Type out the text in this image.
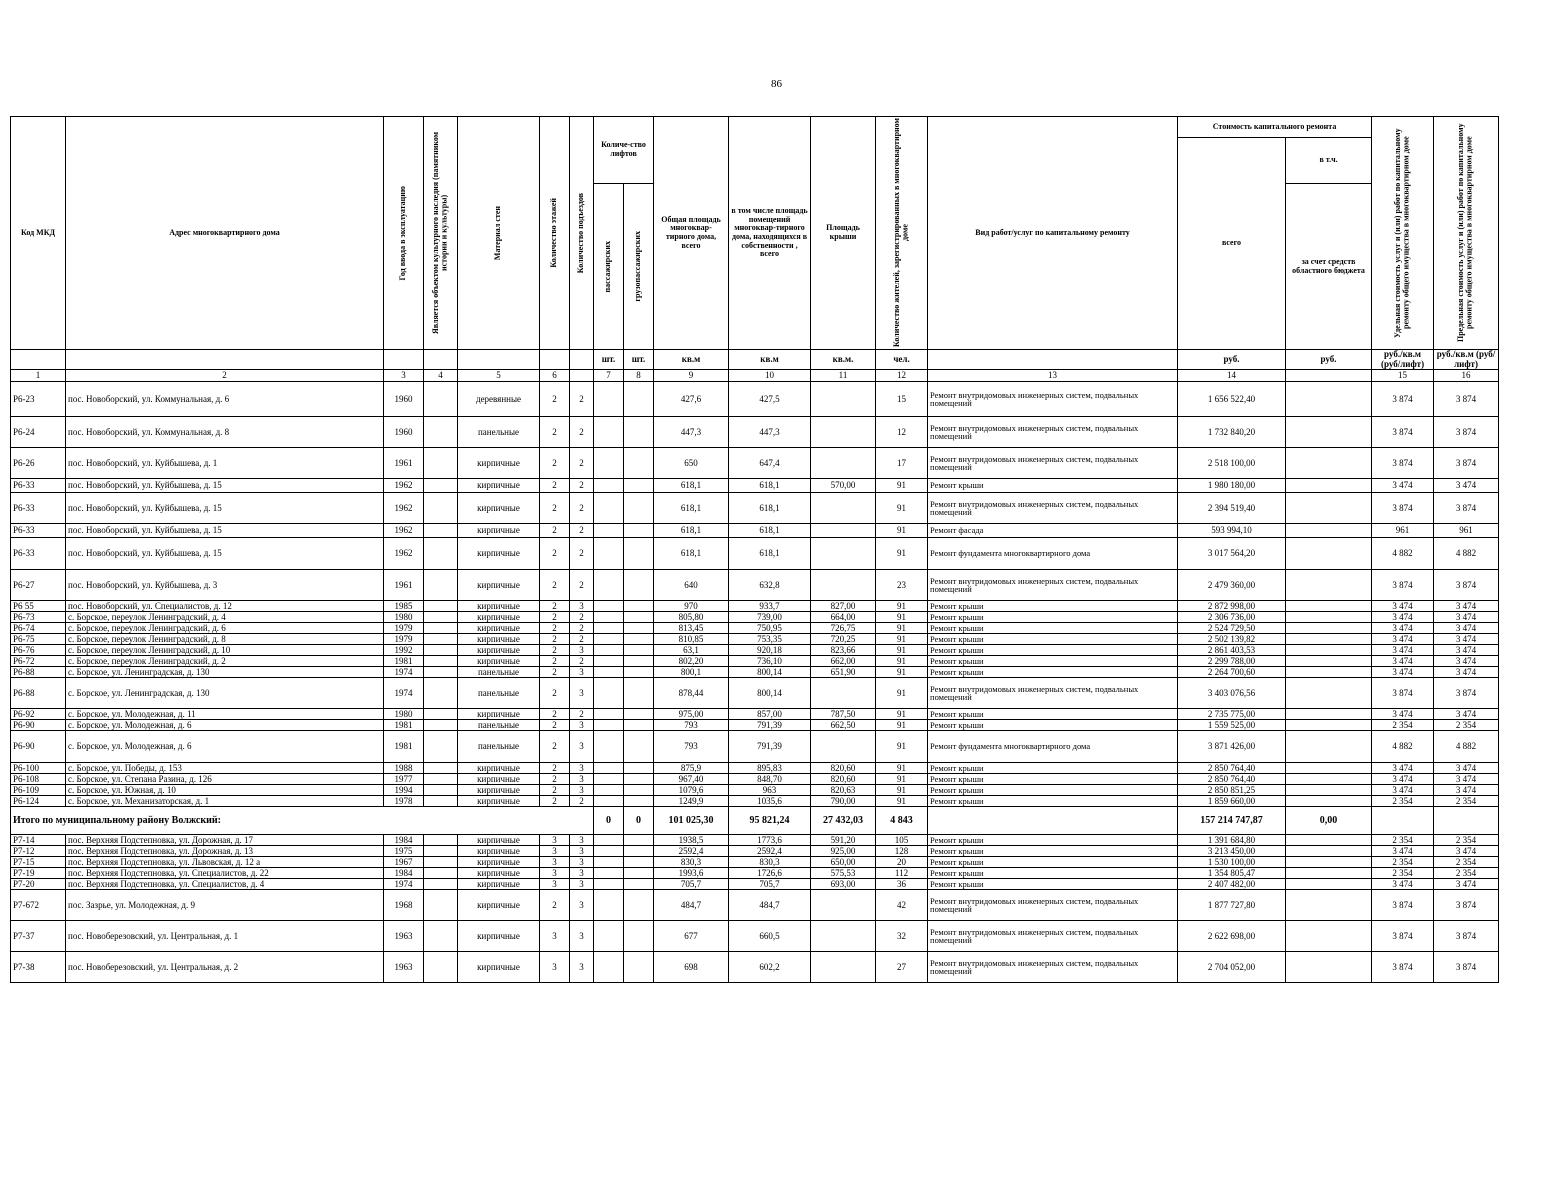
86
Код МКД	Адрес многоквартирного дома	Год ввода в эксплуатацию	Является объектом культурного наследия (памятником истории и культуры)	Материал стен	Количество этажей	Количество подъездов	Количе-ство лифтов		Общая площадь многоквар-тирного дома, всего	в том числе площадь помещений многоквар-тирного дома, находящихся в собственности , всего	Площадь крыши	Количество жителей, зарегистрированных в многоквартирном доме	Вид работ/услуг по капитальному ремонту	Стоимость капитального ремонта		Удельная стоимость услуг и (или) работ по капитальному ремонту общего имущества в многоквартирном доме	Предельная стоимость услуг и (или) работ по капитальному ремонту общего имущества в многоквартирном доме	

														всего	в т.ч.			

							пассажирских	грузопассажирских							за счет средств областного бюджета			
							шт.	шт.	кв.м	кв.м	кв.м.	чел.		руб.	руб.	руб./кв.м (руб/лифт)	руб./кв.м (руб/лифт)	
1	2	3	4	5	6		7	8	9	10	11	12	13	14		15	16	
Р6-23	пос. Новоборский, ул. Коммунальная, д. 6	1960		деревянные	2	2			427,6	427,5		15	Ремонт внутридомовых инженерных систем, подвальных помещений	1 656 522,40		3 874	3 874	
Р6-24	пос. Новоборский, ул. Коммунальная, д. 8	1960		панельные	2	2			447,3	447,3		12	Ремонт внутридомовых инженерных систем, подвальных помещений	1 732 840,20		3 874	3 874	
Р6-26	пос. Новоборский, ул. Куйбышева, д. 1	1961		кирпичные	2	2			650	647,4		17	Ремонт внутридомовых инженерных систем, подвальных помещений	2 518 100,00		3 874	3 874	
Р6-33	пос. Новоборский, ул. Куйбышева, д. 15	1962		кирпичные	2	2			618,1	618,1	570,00	91	Ремонт крыши	1 980 180,00		3 474	3 474	
Р6-33	пос. Новоборский, ул. Куйбышева, д. 15	1962		кирпичные	2	2			618,1	618,1		91	Ремонт внутридомовых инженерных систем, подвальных помещений	2 394 519,40		3 874	3 874	
Р6-33	пос. Новоборский, ул. Куйбышева, д. 15	1962		кирпичные	2	2			618,1	618,1		91	Ремонт фасада	593 994,10		961	961	
Р6-33	пос. Новоборский, ул. Куйбышева, д. 15	1962		кирпичные	2	2			618,1	618,1		91	Ремонт фундамента многоквартирного дома	3 017 564,20		4 882	4 882	
Р6-27	пос. Новоборский, ул. Куйбышева, д. 3	1961		кирпичные	2	2			640	632,8		23	Ремонт внутридомовых инженерных систем, подвальных помещений	2 479 360,00		3 874	3 874	
Р6 55	пос. Новоборский, ул. Специалистов, д. 12	1985		кирпичные	2	3			970	933,7	827,00	91	Ремонт крыши	2 872 998,00		3 474	3 474	
Р6-73	с. Борское, переулок Ленинградский, д. 4	1980		кирпичные	2	2			805,80	739,00	664,00	91	Ремонт крыши	2 306 736,00		3 474	3 474	
Р6-74	с. Борское, переулок Ленинградский, д. 6	1979		кирпичные	2	2			813,45	750,95	726,75	91	Ремонт крыши	2 524 729,50		3 474	3 474	
Р6-75	с. Борское, переулок Ленинградский, д. 8	1979		кирпичные	2	2			810,85	753,35	720,25	91	Ремонт крыши	2 502 139,82		3 474	3 474	
Р6-76	с. Борское, переулок Ленинградский, д. 10	1992		кирпичные	2	3			63,1	920,18	823,66	91	Ремонт крыши	2 861 403,53		3 474	3 474	
Р6-72	с. Борское, переулок Ленинградский, д. 2	1981		кирпичные	2	2			802,20	736,10	662,00	91	Ремонт крыши	2 299 788,00		3 474	3 474	
Р6-88	с. Борское, ул. Ленинградская, д. 130	1974		панельные	2	3			800,1	800,14	651,90	91	Ремонт крыши	2 264 700,60		3 474	3 474	
Р6-88	с. Борское, ул. Ленинградская, д. 130	1974		панельные	2	3			878,44	800,14		91	Ремонт внутридомовых инженерных систем, подвальных помещений	3 403 076,56		3 874	3 874	
Р6-92	с. Борское, ул. Молодежная, д. 11	1980		кирпичные	2	2			975,00	857,00	787,50	91	Ремонт крыши	2 735 775,00		3 474	3 474	
Р6-90	с. Борское, ул. Молодежная, д. 6	1981		панельные	2	3			793	791,39	662,50	91	Ремонт крыши	1 559 525,00		2 354	2 354	
Р6-90	с. Борское, ул. Молодежная, д. 6	1981		панельные	2	3			793	791,39		91	Ремонт фундамента многоквартирного дома	3 871 426,00		4 882	4 882	
Р6-100	с. Борское, ул. Победы, д. 153	1988		кирпичные	2	3			875,9	895,83	820,60	91	Ремонт крыши	2 850 764,40		3 474	3 474	
Р6-108	с. Борское, ул. Степана Разина, д. 126	1977		кирпичные	2	3			967,40	848,70	820,60	91	Ремонт крыши	2 850 764,40		3 474	3 474	
Р6-109	с. Борское, ул. Южная, д. 10	1994		кирпичные	2	3			1079,6	963	820,63	91	Ремонт крыши	2 850 851,25		3 474	3 474	
Р6-124	с. Борское, ул. Механизаторская, д. 1	1978		кирпичные	2	2			1249,9	1035,6	790,00	91	Ремонт крыши	1 859 660,00		2 354	2 354	
Итого по муниципальному району Волжский:							0	0	101 025,30	95 821,24	27 432,03	4 843		157 214 747,87	0,00			
Р7-14	пос. Верхняя Подстепновка, ул. Дорожная, д. 17	1984		кирпичные	3	3			1938,5	1773,6	591,20	105	Ремонт крыши	1 391 684,80		2 354	2 354	
Р7-12	пос. Верхняя Подстепновка, ул. Дорожная, д. 13	1975		кирпичные	3	3			2592,4	2592,4	925,00	128	Ремонт крыши	3 213 450,00		3 474	3 474	
Р7-15	пос. Верхняя Подстепновка, ул. Львовская, д. 12 а	1967		кирпичные	3	3			830,3	830,3	650,00	20	Ремонт крыши	1 530 100,00		2 354	2 354	
Р7-19	пос. Верхняя Подстепновка, ул. Специалистов, д. 22	1984		кирпичные	3	3			1993,6	1726,6	575,53	112	Ремонт крыши	1 354 805,47		2 354	2 354	
Р7-20	пос. Верхняя Подстепновка, ул. Специалистов, д. 4	1974		кирпичные	3	3			705,7	705,7	693,00	36	Ремонт крыши	2 407 482,00		3 474	3 474	
Р7-672	пос. Зазрье, ул. Молодежная, д. 9	1968		кирпичные	2	3			484,7	484,7		42	Ремонт внутридомовых инженерных систем, подвальных помещений	1 877 727,80		3 874	3 874	
Р7-37	пос. Новоберезовский, ул. Центральная, д. 1	1963		кирпичные	3	3			677	660,5		32	Ремонт внутридомовых инженерных систем, подвальных помещений	2 622 698,00		3 874	3 874	
Р7-38	пос. Новоберезовский, ул. Центральная, д. 2	1963		кирпичные	3	3			698	602,2		27	Ремонт внутридомовых инженерных систем, подвальных помещений	2 704 052,00		3 874	3 874	
